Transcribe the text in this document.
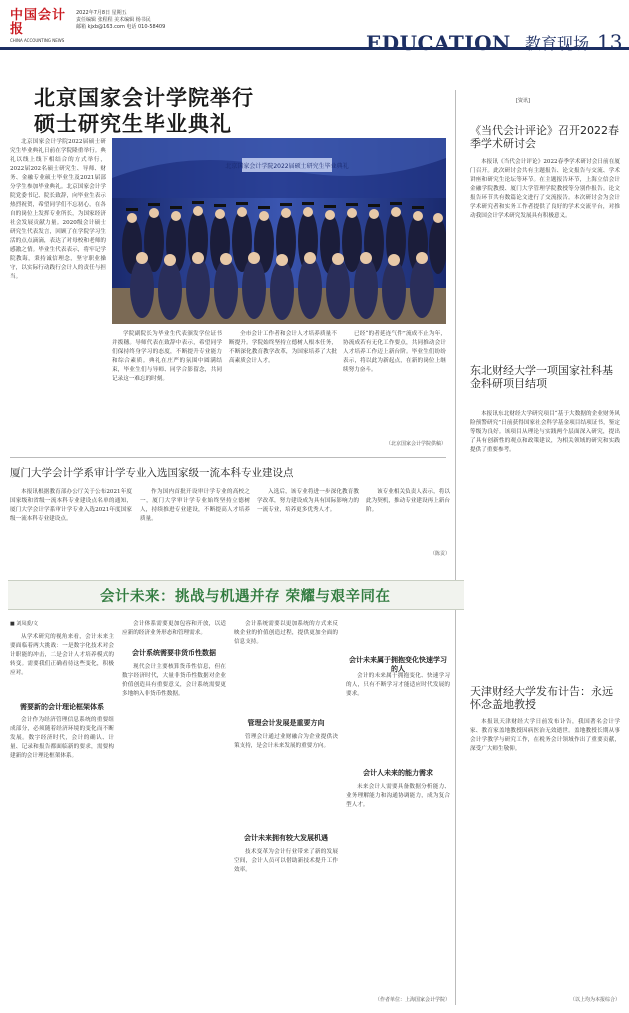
中国会计报
CHINA ACCOUNTING NEWS
2022年7月8日 星期五
责任编辑 张程程 美术编辑 杨书民
邮箱 kjxb@163.com 电话 010-58409
EDUCATION 教育现场 13
北京国家会计学院举行
硕士研究生毕业典礼
北京国家会计学院2022届硕士研究生毕业典礼
北京国家会计学院2022届硕士研究生毕业典礼日前在学院隆重举行。典礼以线上线下相结合的方式举行，2022届202名硕士研究生、导师、财务、金融专业硕士毕业生及2021届部分学生参加毕业典礼。北京国家会计学院党委书记、院长致辞，向毕业生表示热烈祝贺，希望同学们不忘初心，在各自的岗位上发挥专业所长，为国家经济社会发展贡献力量。2020级会计硕士研究生代表发言，回顾了在学院学习生活的点点滴滴，表达了对母校和老师的感激之情。毕业生代表表示，将牢记学院教诲，秉持诚信理念，坚守职业操守，以实际行动践行会计人的责任与担当。
学院副院长为毕业生代表颁发学位证书并拨穗。导师代表在致辞中表示，希望同学们保持终身学习的态度，不断提升专业能力和综合素质。典礼在庄严的氛围中圆满结束，毕业生们与导师、同学合影留念，共同记录这一难忘的时刻。
全市会计工作者和会计人才培养质量不断提升。学院始终坚持立德树人根本任务，不断深化教育教学改革，为国家培养了大批高素质会计人才。
已经“的者延连气件”流成不止为年，协流成若有无化工作要点，共同推动会计人才培养工作迈上新台阶。毕业生们纷纷表示，将以此为新起点，在新的岗位上继续努力奋斗。
（北京国家会计学院供稿）
厦门大学会计学系审计学专业入选国家级一流本科专业建设点
本报讯根据教育部办公厅关于公布2021年度国家级和省级一流本科专业建设点名单的通知，厦门大学会计学系审计学专业入选2021年度国家级一流本科专业建设点。
作为国内首批开设审计学专业的高校之一，厦门大学审计学专业始终坚持立德树人，持续推进专业建设，不断提高人才培养质量。
入选后，该专业将进一步深化教育教学改革，努力建设成为具有国际影响力的一流专业，培养更多优秀人才。
该专业相关负责人表示，将以此为契机，推动专业建设再上新台阶。
（陈贡）
会计未来：挑战与机遇并存 荣耀与艰辛同在
■ 刘凤委/文
从学术研究的视角来看，会计未来主要面临着两大挑战：一是数字化技术对会计职能的冲击，二是会计人才培养模式的转变。需要我们正确看待这些变化，积极应对。
需要新的会计理论框架体系
会计作为经济管理信息系统的重要组成部分，必须随着经济环境的变化而不断发展。数字经济时代，会计的确认、计量、记录和报告都面临新的要求，需要构建新的会计理论框架体系。
会计体系需要更加包容和开放，以适应新的经济业务形态和管理需求。
会计系统需要非货币性数据
现代会计主要核算货币性信息，但在数字经济时代，大量非货币性数据对企业价值创造具有重要意义，会计系统需要更多地纳入非货币性数据。
会计系统需要以更加系统的方式来反映企业的价值创造过程，提供更加全面的信息支持。
管理会计发展是重要方向
管理会计通过业财融合为企业提供决策支持，是会计未来发展的重要方向。
会计未来拥有较大发展机遇
技术变革为会计行业带来了新的发展空间，会计人员可以借助新技术提升工作效率。
会计未来属于拥抱变化快速学习的人
会计的未来属于拥抱变化、快速学习的人，只有不断学习才能适应时代发展的要求。
会计人未来的能力需求
未来会计人需要具备数据分析能力、业务理解能力和沟通协调能力，成为复合型人才。
（作者单位：上海国家会计学院）
[资讯]
《当代会计评论》召开2022春季学术研讨会
本报讯《当代会计评论》2022春季学术研讨会日前在厦门召开。此次研讨会共有主题报告、论文报告与交流、学术讲座和研究生论坛等环节。在主题报告环节，上海立信会计金融学院教授、厦门大学管理学院教授等分别作报告。论文报告环节共有数篇论文进行了交流报告。本次研讨会为会计学术研究者和实务工作者提供了良好的学术交流平台，对推动我国会计学术研究发展具有积极意义。
东北财经大学一项国家社科基金科研项目结项
本报讯东北财经大学研究项目“基于大数据的企业财务风险预警研究”日前获得国家社会科学基金项目结项证书，鉴定等级为良好。该项目从理论与实践两个层面深入研究，提出了具有创新性的观点和政策建议，为相关领域的研究和实践提供了重要参考。
天津财经大学发布计告：永远怀念盖地教授
本报讯天津财经大学日前发布讣告，我国著名会计学家、教育家盖地教授因病医治无效逝世。盖地教授长期从事会计学教学与研究工作，在税务会计领域作出了重要贡献，深受广大师生敬仰。
（以上均为本报综合）
